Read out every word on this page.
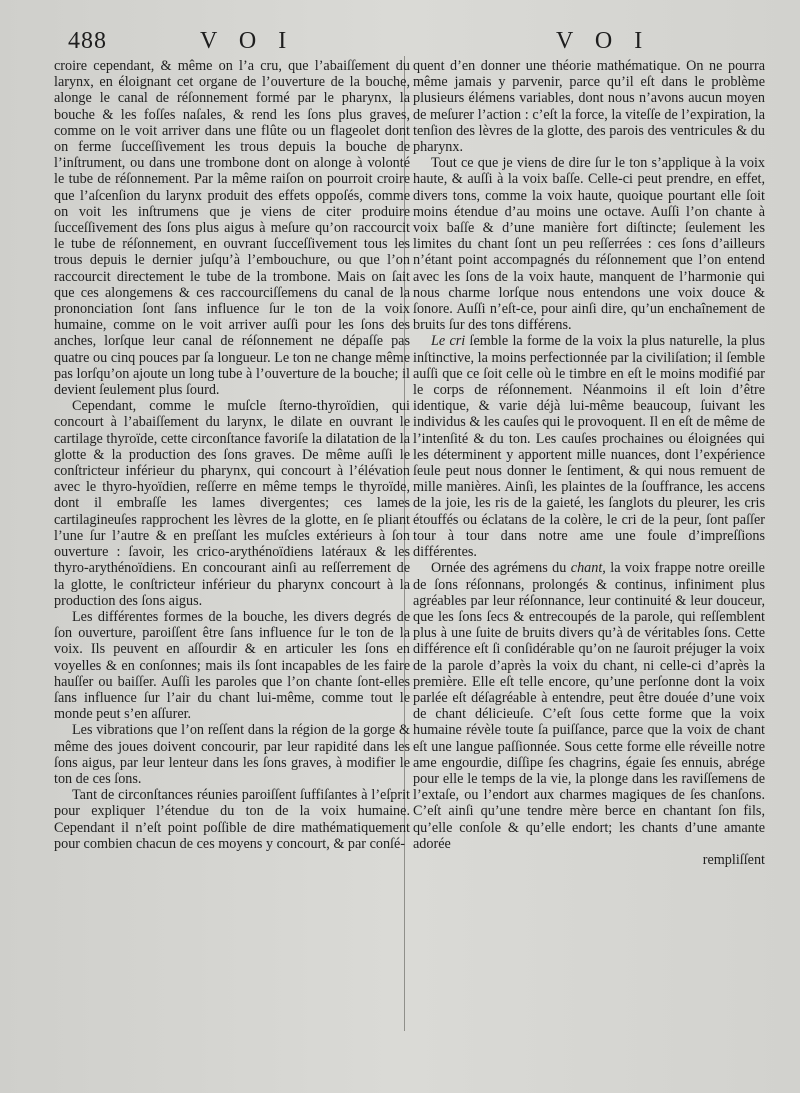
488	V O I	V O I

croire cependant, & même on l’a cru, que l’abaiſſement du larynx, en éloignant cet organe de l’ouverture de la bouche, alonge le canal de réſonnement formé par le pharynx, la bouche & les foſſes naſales, & rend les ſons plus graves, comme on le voit arriver dans une flûte ou un flageolet dont on ferme ſucceſſivement les trous depuis la bouche de l’inſtrument, ou dans une trombone dont on alonge à volonté le tube de réſonnement. Par la même raiſon on pourroit croire que l’aſcenſion du larynx produit des effets oppoſés, comme on voit les inſtrumens que je viens de citer produire ſucceſſivement des ſons plus aigus à meſure qu’on raccourcit le tube de réſonnement, en ouvrant ſucceſſivement tous les trous depuis le dernier juſqu’à l’embouchure, ou que l’on raccourcit directement le tube de la trombone. Mais on ſait que ces alongemens & ces raccourciſſemens du canal de la prononciation ſont ſans influence ſur le ton de la voix humaine, comme on le voit arriver auſſi pour les ſons des anches, lorſque leur canal de réſonnement ne dépaſſe pas quatre ou cinq pouces par ſa longueur. Le ton ne change même pas lorſqu’on ajoute un long tube à l’ouverture de la bouche; il devient ſeulement plus ſourd.

Cependant, comme le muſcle ſterno-thyroïdien, qui concourt à l’abaiſſement du larynx, le dilate en ouvrant le cartilage thyroïde, cette circonſtance favoriſe la dilatation de la glotte & la production des ſons graves. De même auſſi le conſtricteur inférieur du pharynx, qui concourt à l’élévation avec le thyro-hyoïdien, reſſerre en même temps le thyroïde, dont il embraſſe les lames divergentes; ces lames cartilagineuſes rapprochent les lèvres de la glotte, en ſe pliant l’une ſur l’autre & en preſſant les muſcles extérieurs à ſon ouverture : ſavoir, les crico-arythénoïdiens latéraux & les thyro-arythénoïdiens. En concourant ainſi au reſſerrement de la glotte, le conſtricteur inférieur du pharynx concourt à la production des ſons aigus.

Les différentes formes de la bouche, les divers degrés de ſon ouverture, paroiſſent être ſans influence ſur le ton de la voix. Ils peuvent en aſſourdir & en articuler les ſons en voyelles & en conſonnes; mais ils ſont incapables de les faire hauſſer ou baiſſer. Auſſi les paroles que l’on chante ſont-elles ſans influence ſur l’air du chant lui-même, comme tout le monde peut s’en aſſurer.

Les vibrations que l’on reſſent dans la région de la gorge & même des joues doivent concourir, par leur rapidité dans les ſons aigus, par leur lenteur dans les ſons graves, à modifier le ton de ces ſons.

Tant de circonſtances réunies paroiſſent ſuffiſantes à l’eſprit pour expliquer l’étendue du ton de la voix humaine. Cependant il n’eſt point poſſible de dire mathématiquement pour combien chacun de ces moyens y concourt, & par conſé-

quent d’en donner une théorie mathématique. On ne pourra même jamais y parvenir, parce qu’il eſt dans le problème plusieurs élémens variables, dont nous n’avons aucun moyen de meſurer l’action : c’eſt la force, la viteſſe de l’expiration, la tenſion des lèvres de la glotte, des parois des ventricules & du pharynx.

Tout ce que je viens de dire ſur le ton s’applique à la voix haute, & auſſi à la voix baſſe. Celle-ci peut prendre, en effet, divers tons, comme la voix haute, quoique pourtant elle ſoit moins étendue d’au moins une octave. Auſſi l’on chante à voix baſſe & d’une manière fort diſtincte; ſeulement les limites du chant ſont un peu reſſerrées : ces ſons d’ailleurs n’étant point accompagnés du réſonnement que l’on entend avec les ſons de la voix haute, manquent de l’harmonie qui nous charme lorſque nous entendons une voix douce & ſonore. Auſſi n’eſt-ce, pour ainſi dire, qu’un enchaînement de bruits ſur des tons différens.

Le cri ſemble la forme de la voix la plus naturelle, la plus inſtinctive, la moins perfectionnée par la civiliſation; il ſemble auſſi que ce ſoit celle où le timbre en eſt le moins modifié par le corps de réſonnement. Néanmoins il eſt loin d’être identique, & varie déjà lui-même beaucoup, ſuivant les individus & les cauſes qui le provoquent. Il en eſt de même de l’intenſité & du ton. Les cauſes prochaines ou éloignées qui les déterminent y apportent mille nuances, dont l’expérience ſeule peut nous donner le ſentiment, & qui nous remuent de mille manières. Ainſi, les plaintes de la ſouffrance, les accens de la joie, les ris de la gaieté, les ſanglots du pleurer, les cris étouffés ou éclatans de la colère, le cri de la peur, ſont paſſer tour à tour dans notre ame une foule d’impreſſions différentes.

Ornée des agrémens du chant, la voix frappe notre oreille de ſons réſonnans, prolongés & continus, infiniment plus agréables par leur réſonnance, leur continuité & leur douceur, que les ſons ſecs & entrecoupés de la parole, qui reſſemblent plus à une ſuite de bruits divers qu’à de véritables ſons. Cette différence eſt ſi conſidérable qu’on ne ſauroit préjuger la voix de la parole d’après la voix du chant, ni celle-ci d’après la première. Elle eſt telle encore, qu’une perſonne dont la voix parlée eſt déſagréable à entendre, peut être douée d’une voix de chant délicieuſe. C’eſt ſous cette forme que la voix humaine révèle toute ſa puiſſance, parce que la voix de chant eſt une langue paſſionnée. Sous cette forme elle réveille notre ame engourdie, diſſipe ſes chagrins, égaie ſes ennuis, abrége pour elle le temps de la vie, la plonge dans les raviſſemens de l’extaſe, ou l’endort aux charmes magiques de ſes chanſons. C’eſt ainſi qu’une tendre mère berce en chantant ſon fils, qu’elle conſole & qu’elle endort; les chants d’une amante adorée

rempliſſent
